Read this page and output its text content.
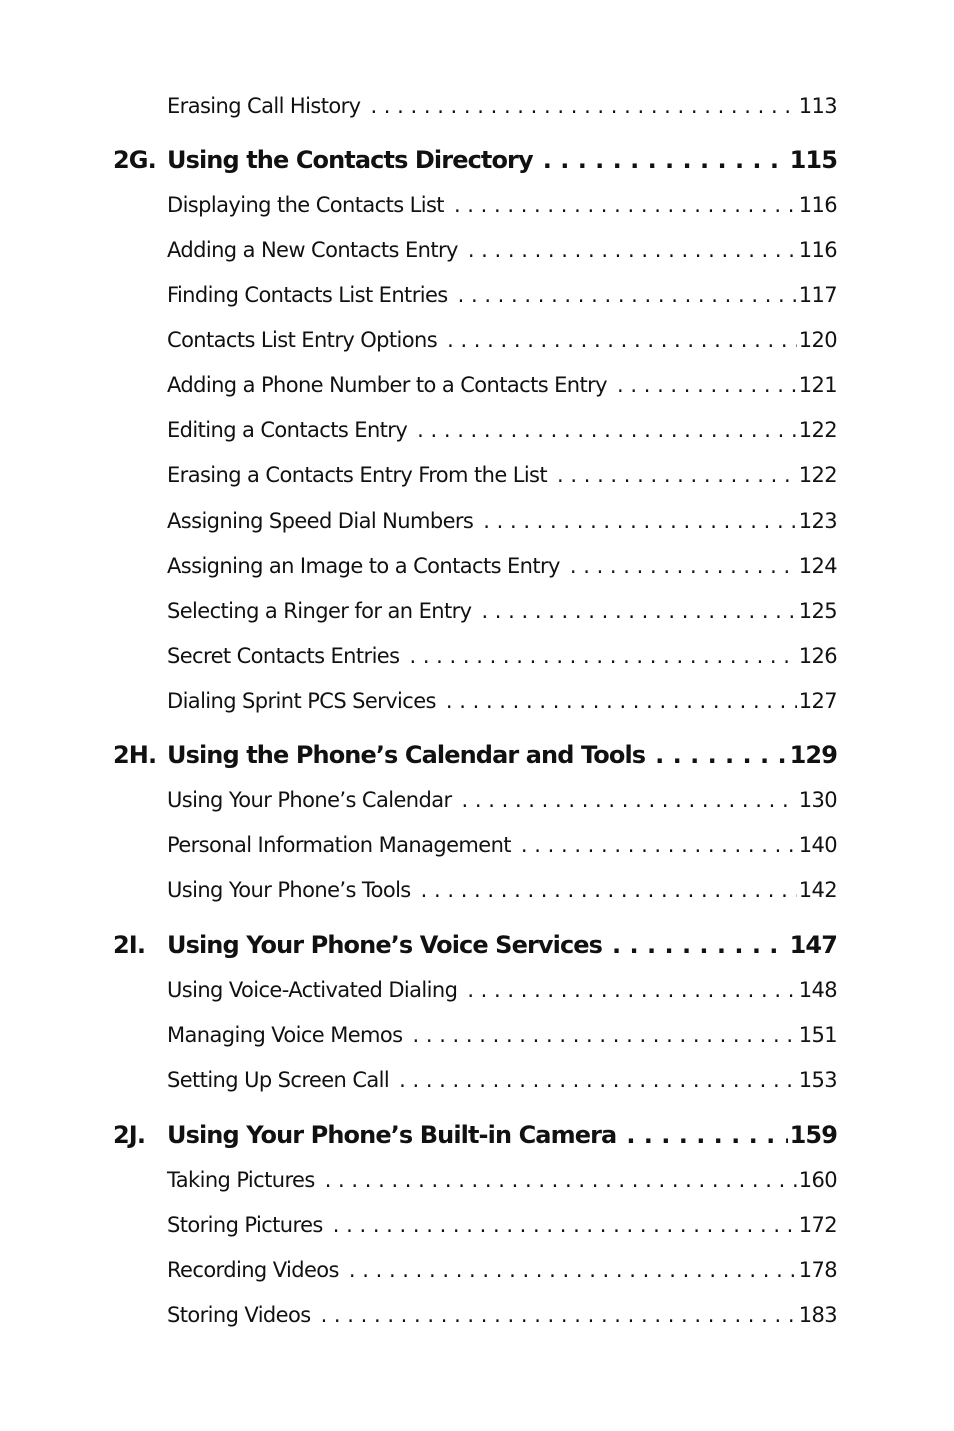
Erasing Call History . . .	113
2G. Using the Contacts Directory . . .	115
Displaying the Contacts List . . .	116
Adding a New Contacts Entry . . .	116
Finding Contacts List Entries . . .	117
Contacts List Entry Options . . .	120
Adding a Phone Number to a Contacts Entry . . .	121
Editing a Contacts Entry . . .	122
Erasing a Contacts Entry From the List . . .	122
Assigning Speed Dial Numbers . . .	123
Assigning an Image to a Contacts Entry . . .	124
Selecting a Ringer for an Entry . . .	125
Secret Contacts Entries . . .	126
Dialing Sprint PCS Services . . .	127
2H. Using the Phone’s Calendar and Tools . . .	129
Using Your Phone’s Calendar . . .	130
Personal Information Management . . .	140
Using Your Phone’s Tools . . .	142
2I. Using Your Phone’s Voice Services . . .	147
Using Voice-Activated Dialing . . .	148
Managing Voice Memos . . .	151
Setting Up Screen Call . . .	153
2J. Using Your Phone’s Built-in Camera . . .	159
Taking Pictures . . .	160
Storing Pictures . . .	172
Recording Videos . . .	178
Storing Videos . . .	183
